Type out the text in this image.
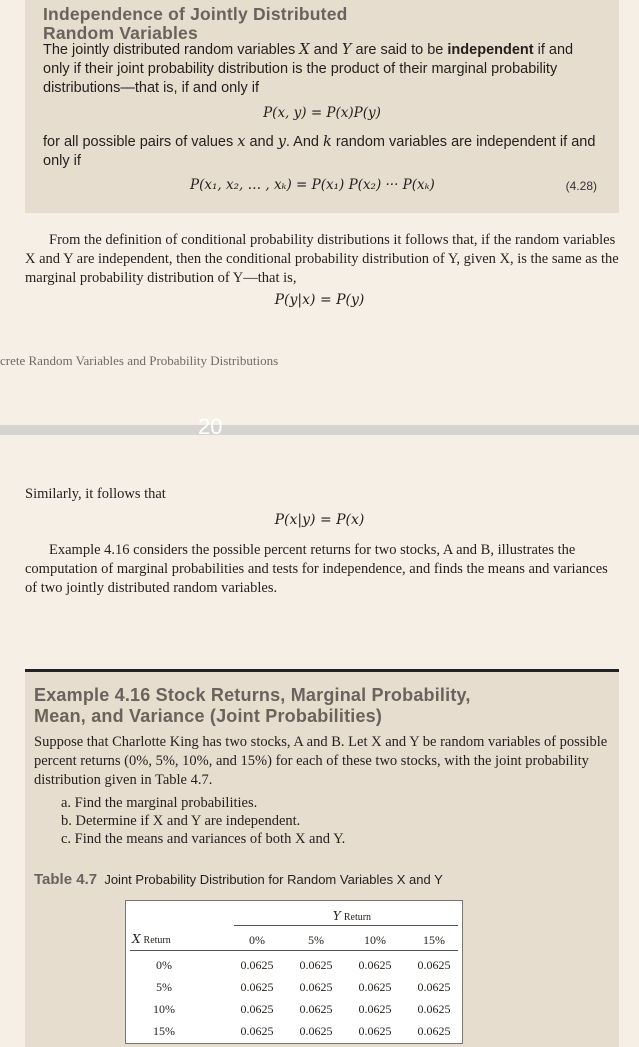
Independence of Jointly Distributed
Random Variables

The jointly distributed random variables X and Y are said to be independent if and only if their joint probability distribution is the product of their marginal probability distributions—that is, if and only if

P(x, y) = P(x)P(y)

for all possible pairs of values x and y. And k random variables are independent if and only if

P(x₁, x₂, … , xₖ) = P(x₁) P(x₂) ··· P(xₖ)	(4.28)

From the definition of conditional probability distributions it follows that, if the random variables X and Y are independent, then the conditional probability distribution of Y, given X, is the same as the marginal probability distribution of Y—that is,

P(y|x) = P(y)
crete Random Variables and Probability Distributions
20

Similarly, it follows that

P(x|y) = P(x)

Example 4.16 considers the possible percent returns for two stocks, A and B, illustrates the computation of marginal probabilities and tests for independence, and finds the means and variances of two jointly distributed random variables.

Example 4.16 Stock Returns, Marginal Probability,
Mean, and Variance (Joint Probabilities)

Suppose that Charlotte King has two stocks, A and B. Let X and Y be random variables of possible percent returns (0%, 5%, 10%, and 15%) for each of these two stocks, with the joint probability distribution given in Table 4.7.

a. Find the marginal probabilities.
b. Determine if X and Y are independent.
c. Find the means and variances of both X and Y.
Table 4.7 Joint Probability Distribution for Random Variables X and Y
Y Return
X Return	0%	5%	10%	15%
0%	0.0625	0.0625	0.0625	0.0625
5%	0.0625	0.0625	0.0625	0.0625
10%	0.0625	0.0625	0.0625	0.0625
15%	0.0625	0.0625	0.0625	0.0625
